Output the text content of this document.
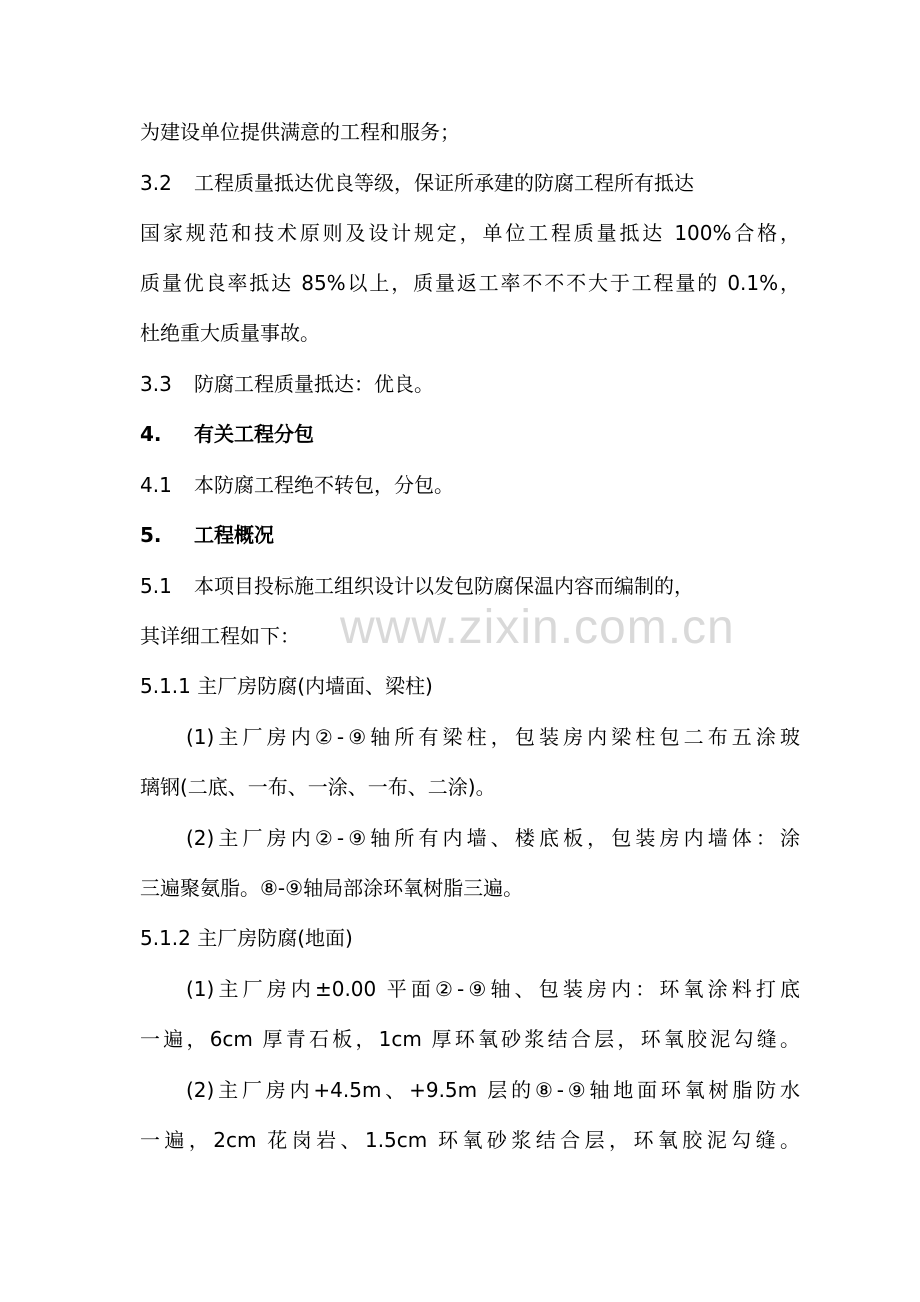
www.zixin.com.cn
为建设单位提供满意的工程和服务；
3.2 工程质量抵达优良等级，保证所承建的防腐工程所有抵达
国家规范和技术原则及设计规定，单位工程质量抵达 100%合格，
质量优良率抵达 85%以上，质量返工率不不不大于工程量的 0.1%，
杜绝重大质量事故。
3.3 防腐工程质量抵达：优良。
4. 有关工程分包
4.1 本防腐工程绝不转包，分包。
5. 工程概况
5.1 本项目投标施工组织设计以发包防腐保温内容而编制的，
其详细工程如下：
5.1.1 主厂房防腐(内墙面、梁柱)
(1)主厂房内②-⑨轴所有梁柱，包装房内梁柱包二布五涂玻
璃钢(二底、一布、一涂、一布、二涂)。
(2)主厂房内②-⑨轴所有内墙、楼底板，包装房内墙体：涂
三遍聚氨脂。⑧-⑨轴局部涂环氧树脂三遍。
5.1.2 主厂房防腐(地面)
(1)主厂房内±0.00 平面②-⑨轴、包装房内：环氧涂料打底
一遍，6cm 厚青石板，1cm 厚环氧砂浆结合层，环氧胶泥勾缝。
(2)主厂房内+4.5m、+9.5m 层的⑧-⑨轴地面环氧树脂防水
一遍，2cm 花岗岩、1.5cm 环氧砂浆结合层，环氧胶泥勾缝。
